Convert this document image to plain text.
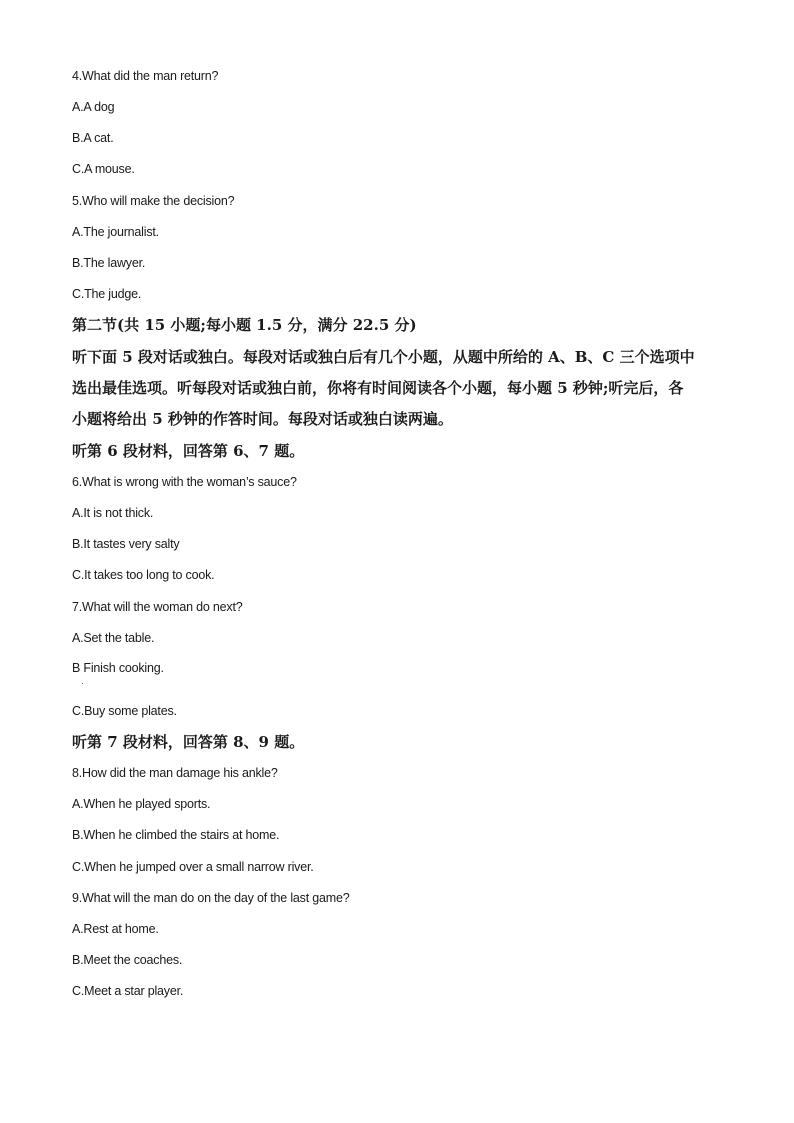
4.What did the man return?
A.A dog
B.A cat.
C.A mouse.
5.Who will make the decision?
A.The journalist.
B.The lawyer.
C.The judge.
第二节(共 15 小题;每小题 1.5 分，满分 22.5 分)
听下面 5 段对话或独白。每段对话或独白后有几个小题，从题中所给的 A、B、C 三个选项中
选出最佳选项。听每段对话或独白前，你将有时间阅读各个小题，每小题 5 秒钟;听完后，各
小题将给出 5 秒钟的作答时间。每段对话或独白读两遍。
听第 6 段材料，回答第 6、7 题。
6.What is wrong with the woman’s sauce?
A.It is not thick.
B.It tastes very salty
C.It takes too long to cook.
7.What will the woman do next?
A.Set the table.
B Finish cooking.
·
C.Buy some plates.
听第 7 段材料，回答第 8、9 题。
8.How did the man damage his ankle?
A.When he played sports.
B.When he climbed the stairs at home.
C.When he jumped over a small narrow river.
9.What will the man do on the day of the last game?
A.Rest at home.
B.Meet the coaches.
C.Meet a star player.
